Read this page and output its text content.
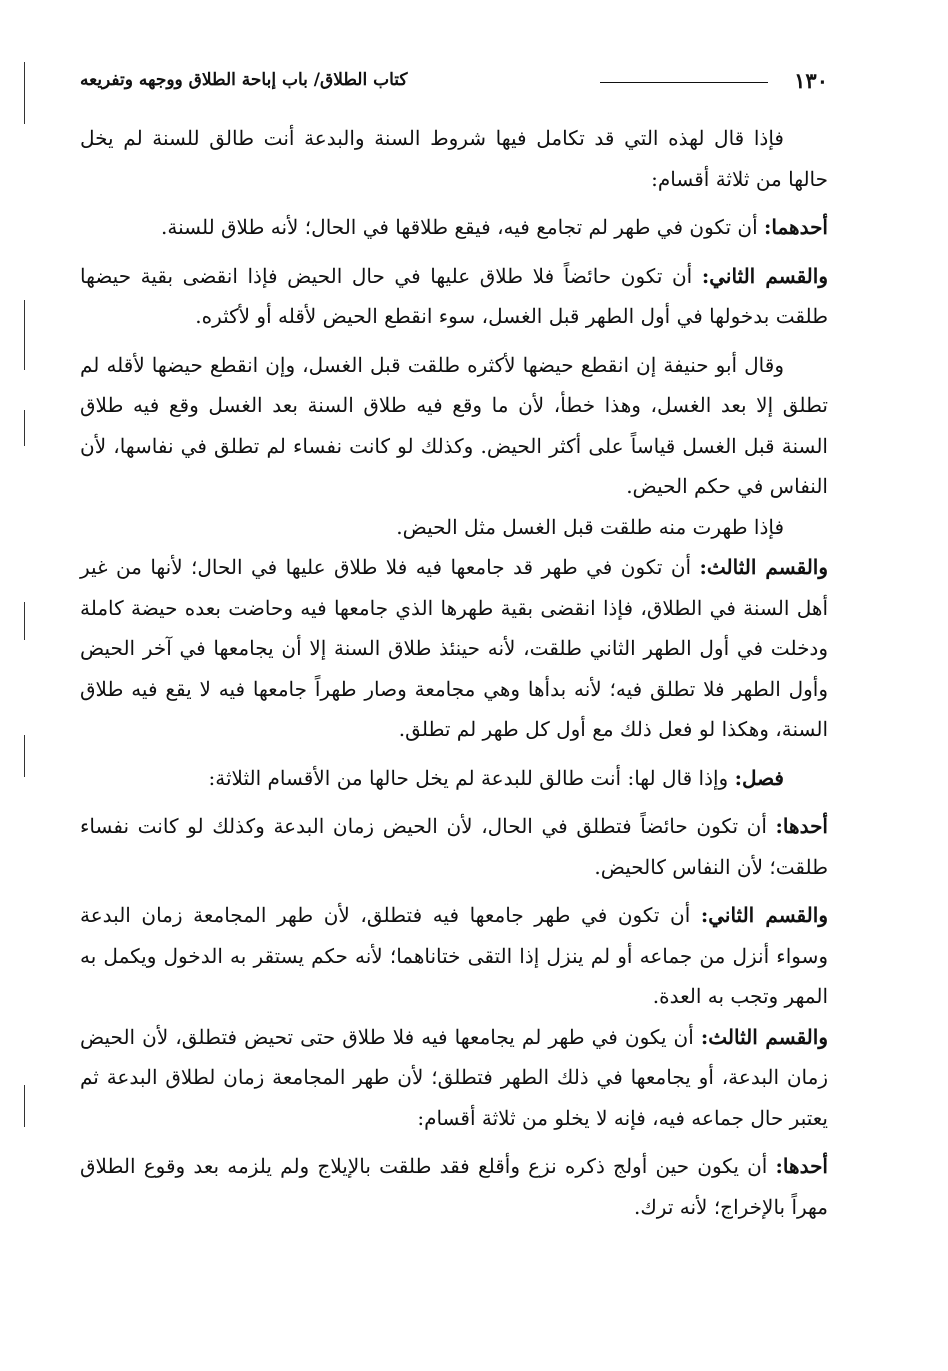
١٣٠
كتاب الطلاق/ باب إباحة الطلاق ووجهه وتفريعه

فإذا قال لهذه التي قد تكامل فيها شروط السنة والبدعة أنت طالق للسنة لم يخل حالها من ثلاثة أقسام:

أحدهما: أن تكون في طهر لم تجامع فيه، فيقع طلاقها في الحال؛ لأنه طلاق للسنة.

والقسم الثاني: أن تكون حائضاً فلا طلاق عليها في حال الحيض فإذا انقضى بقية حيضها طلقت بدخولها في أول الطهر قبل الغسل، سوء انقطع الحيض لأقله أو لأكثره.

وقال أبو حنيفة إن انقطع حيضها لأكثره طلقت قبل الغسل، وإن انقطع حيضها لأقله لم تطلق إلا بعد الغسل، وهذا خطأ، لأن ما وقع فيه طلاق السنة بعد الغسل وقع فيه طلاق السنة قبل الغسل قياساً على أكثر الحيض. وكذلك لو كانت نفساء لم تطلق في نفاسها، لأن النفاس في حكم الحيض.

فإذا طهرت منه طلقت قبل الغسل مثل الحيض.

والقسم الثالث: أن تكون في طهر قد جامعها فيه فلا طلاق عليها في الحال؛ لأنها من غير أهل السنة في الطلاق، فإذا انقضى بقية طهرها الذي جامعها فيه وحاضت بعده حيضة كاملة ودخلت في أول الطهر الثاني طلقت، لأنه حينئذ طلاق السنة إلا أن يجامعها في آخر الحيض وأول الطهر فلا تطلق فيه؛ لأنه بدأها وهي مجامعة وصار طهراً جامعها فيه لا يقع فيه طلاق السنة، وهكذا لو فعل ذلك مع أول كل طهر لم تطلق.

فصل: وإذا قال لها: أنت طالق للبدعة لم يخل حالها من الأقسام الثلاثة:

أحدها: أن تكون حائضاً فتطلق في الحال، لأن الحيض زمان البدعة وكذلك لو كانت نفساء طلقت؛ لأن النفاس كالحيض.

والقسم الثاني: أن تكون في طهر جامعها فيه فتطلق، لأن طهر المجامعة زمان البدعة وسواء أنزل من جماعه أو لم ينزل إذا التقى ختاناهما؛ لأنه حكم يستقر به الدخول ويكمل به المهر وتجب به العدة.

والقسم الثالث: أن يكون في طهر لم يجامعها فيه فلا طلاق حتى تحيض فتطلق، لأن الحيض زمان البدعة، أو يجامعها في ذلك الطهر فتطلق؛ لأن طهر المجامعة زمان لطلاق البدعة ثم يعتبر حال جماعه فيه، فإنه لا يخلو من ثلاثة أقسام:

أحدها: أن يكون حين أولج ذكره نزع وأقلع فقد طلقت بالإيلاج ولم يلزمه بعد وقوع الطلاق مهراً بالإخراج؛ لأنه ترك.
